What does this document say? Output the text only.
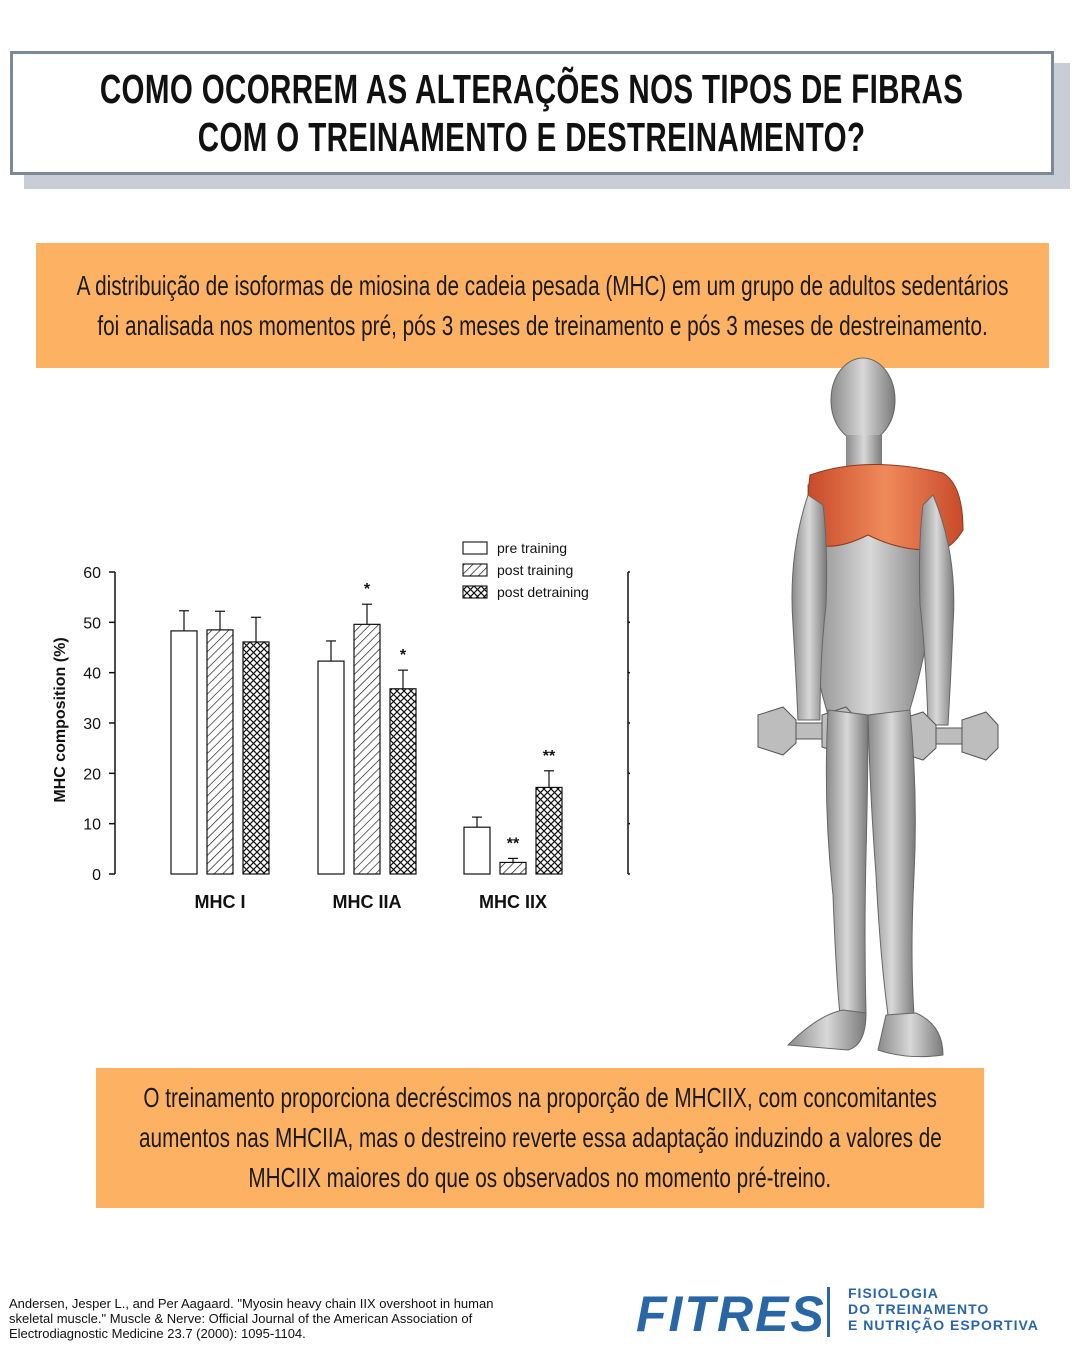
COMO OCORREM AS ALTERAÇÕES NOS TIPOS DE FIBRAS
COM O TREINAMENTO E DESTREINAMENTO?
A distribuição de isoformas de miosina de cadeia pesada (MHC) em um grupo de adultos sedentários
foi analisada nos momentos pré, pós 3 meses de treinamento e pós 3 meses de destreinamento.
0
10
20
30
40
50
60
MHC I	MHC IIA	MHC IIX
*
*
**
**
pre training
post training
post detraining
MHC composition (%)
O treinamento proporciona decréscimos na proporção de MHCIIX, com concomitantes
aumentos nas MHCIIA, mas o destreino reverte essa adaptação induzindo a valores de
MHCIIX maiores do que os observados no momento pré-treino.
Andersen, Jesper L., and Per Aagaard. "Myosin heavy chain IIX overshoot in human
skeletal muscle." Muscle & Nerve: Official Journal of the American Association of
Electrodiagnostic Medicine 23.7 (2000): 1095-1104.	FITRES FISIOLOGIA
DO TREINAMENTO
E NUTRIÇÃO ESPORTIVA
